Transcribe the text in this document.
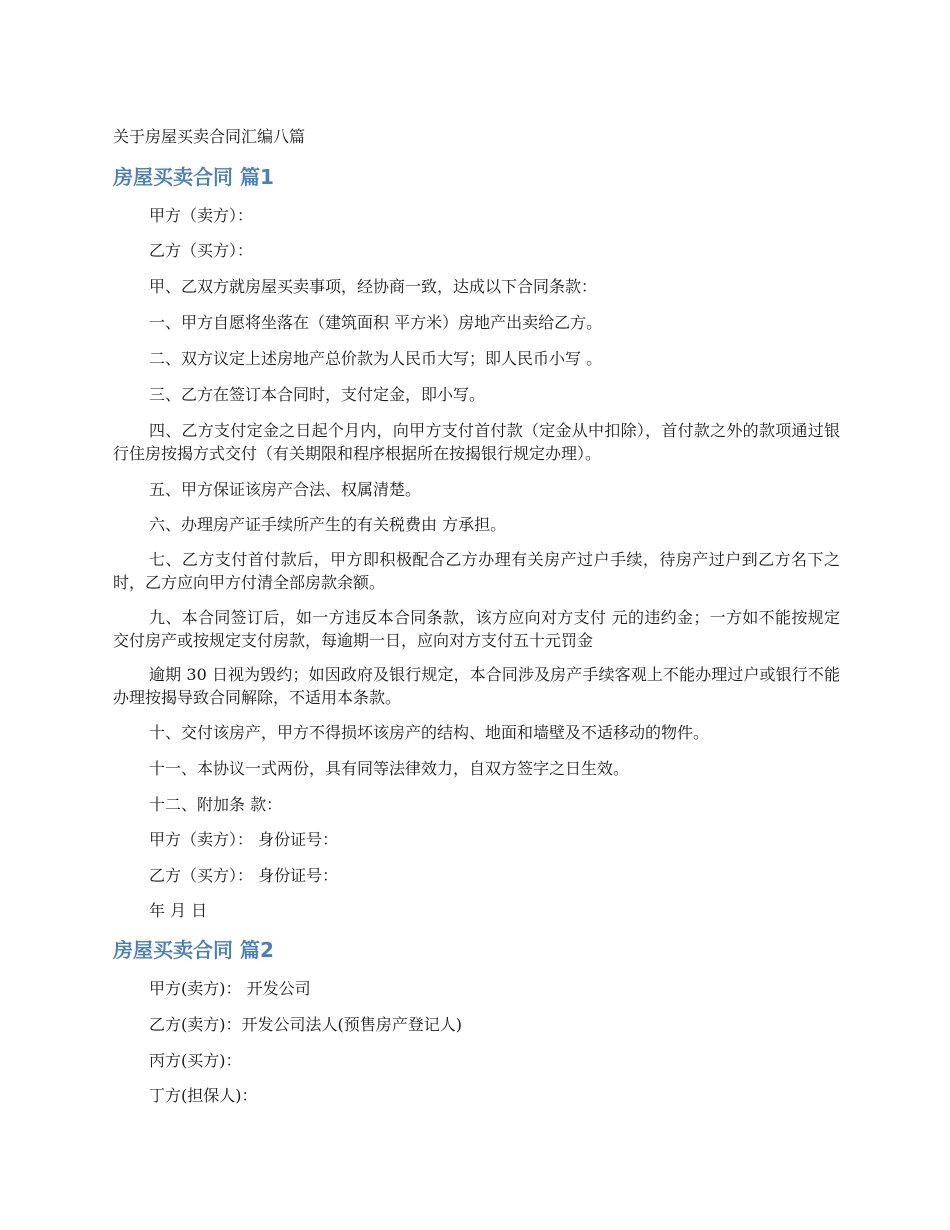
关于房屋买卖合同汇编八篇
房屋买卖合同 篇1

甲方（卖方）：

乙方（买方）：

甲、乙双方就房屋买卖事项，经协商一致，达成以下合同条款：

一、甲方自愿将坐落在（建筑面积 平方米）房地产出卖给乙方。

二、双方议定上述房地产总价款为人民币大写；即人民币小写 。

三、乙方在签订本合同时，支付定金，即小写。

四、乙方支付定金之日起个月内，向甲方支付首付款（定金从中扣除），首付款之外的款项通过银行住房按揭方式交付（有关期限和程序根据所在按揭银行规定办理）。

五、甲方保证该房产合法、权属清楚。

六、办理房产证手续所产生的有关税费由 方承担。

七、乙方支付首付款后，甲方即积极配合乙方办理有关房产过户手续，待房产过户到乙方名下之时，乙方应向甲方付清全部房款余额。

九、本合同签订后，如一方违反本合同条款，该方应向对方支付 元的违约金；一方如不能按规定交付房产或按规定支付房款，每逾期一日，应向对方支付五十元罚金

逾期 30 日视为毁约；如因政府及银行规定，本合同涉及房产手续客观上不能办理过户或银行不能办理按揭导致合同解除，不适用本条款。

十、交付该房产，甲方不得损坏该房产的结构、地面和墙壁及不适移动的物件。

十一、本协议一式两份，具有同等法律效力，自双方签字之日生效。

十二、附加条 款：

甲方（卖方）： 身份证号：

乙方（买方）： 身份证号：

年 月 日

房屋买卖合同 篇2

甲方(卖方)： 开发公司

乙方(卖方)：开发公司法人(预售房产登记人)

丙方(买方)：

丁方(担保人)：
